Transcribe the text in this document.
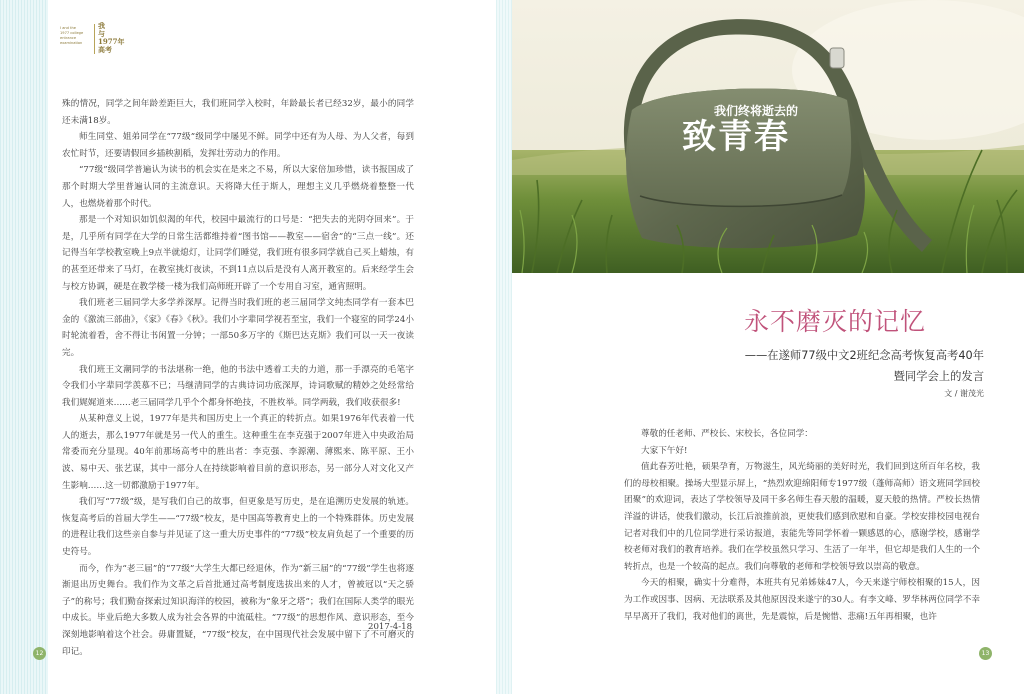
I and the
1977 college
entrance
examination
我
与
1977年
高考

殊的情况，同学之间年龄差距巨大，我们班同学入校时，年龄最长者已经32岁，最小的同学还未满18岁。

师生同堂、姐弟同学在“77级”级同学中屡见不鲜。同学中还有为人母、为人父者，每到农忙时节，还要请假回乡插秧割稻，发挥壮劳动力的作用。

“77级”级同学普遍认为读书的机会实在是来之不易，所以大家倍加珍惜，读书报国成了那个时期大学里普遍认同的主流意识。天将降大任于斯人，理想主义几乎燃烧着整整一代人，也燃烧着那个时代。

那是一个对知识如饥似渴的年代，校园中最流行的口号是：“把失去的光阴夺回来”。于是，几乎所有同学在大学的日常生活都维持着“图书馆——教室——宿舍”的“三点一线”。还记得当年学校教室晚上9点半就熄灯，让同学们睡觉，我们班有很多同学就自己买上蜡烛，有的甚至还带来了马灯，在教室挑灯夜读，不到11点以后是没有人离开教室的。后来经学生会与校方协调，硬是在教学楼一楼为我们高师班开辟了一个专用自习室，通宵照明。

我们班老三届同学大多学养深厚。记得当时我们班的老三届同学文纯杰同学有一套本巴金的《激流三部曲》，《家》《春》《秋》。我们小字辈同学视若至宝，我们一个寝室的同学24小时轮流着看，舍不得让书闲置一分钟；一部50多万字的《斯巴达克斯》我们可以一天一夜读完。

我们班王文潮同学的书法堪称一绝，他的书法中透着工夫的力道，那一手漂亮的毛笔字令我们小字辈同学羡慕不已；马继清同学的古典诗词功底深厚，诗词歌赋的精妙之处经常给我们娓娓道来……老三届同学几乎个个都身怀绝技，不胜枚举。同学两载，我们收获很多!

从某种意义上说，1977年是共和国历史上一个真正的转折点。如果1976年代表着一代人的逝去，那么1977年就是另一代人的重生。这种重生在李克强于2007年进入中央政治局常委而充分显现。40年前那场高考中的胜出者：李克强、李源潮、薄熙来、陈平原、王小波、易中天、张艺谋，其中一部分人在持续影响着目前的意识形态，另一部分人对文化又产生影响……这一切都激励于1977年。

我们写“77级”级，是写我们自己的故事，但更象是写历史，是在追溯历史发展的轨迹。恢复高考后的首届大学生——“77级”校友，是中国高等教育史上的一个特殊群体。历史发展的进程让我们这些亲自参与并见证了这一重大历史事件的“77级”校友肩负起了一个重要的历史符号。

而今，作为“老三届”的“77级”大学生大都已经退休，作为“新三届”的“77级”学生也将逐渐退出历史舞台。我们作为文革之后首批通过高考制度选拔出来的人才，曾被冠以“天之骄子”的称号；我们勤奋探索过知识海洋的校园，被称为“象牙之塔”；我们在国际人类学的眼光中成长。毕业后绝大多数人成为社会各界的中流砥柱。“77级”的思想作风、意识形态，至今深刻地影响着这个社会。毋庸置疑，“77级”校友，在中国现代社会发展中留下了不可磨灭的印记。

2017-4-18
12
我们终将逝去的
致青春
永不磨灭的记忆
——在遂师77级中文2班纪念高考恢复高考40年
暨同学会上的发言
文 / 谢茂光

尊敬的任老师、严校长、宋校长，各位同学：

大家下午好!

值此春芳吐艳，硕果孕育，万物滋生，风光绮丽的美好时光，我们回到这所百年名校，我们的母校相聚。操场大型显示屏上，“热烈欢迎绵阳师专1977级（蓬师高师）语文班同学回校团聚”的欢迎词，表达了学校领导及同干多名师生春天般的温暖，夏天般的热情。严校长热情洋溢的讲话，使我们激动，长江后浪推前浪，更使我们感到欣慰和自豪。学校安排校园电视台记者对我们中的几位同学进行采访报道，衷能先等同学怀着一颗感恩的心，感谢学校，感谢学校老师对我们的教育培养。我们在学校虽然只学习、生活了一年半，但它却是我们人生的一个转折点，也是一个较高的起点。我们向尊敬的老师和学校领导致以崇高的敬意。

今天的相聚，确实十分难得，本班共有兄弟姊妹47人，今天来遂宁师校相聚的15人，因为工作或因事、因病、无法联系及其他原因没来遂宁的30人。有李文峰、罗华林两位同学不幸早早离开了我们，我对他们的离世，先是震惊，后是惋惜、悲痛!五年再相聚，也许

13
